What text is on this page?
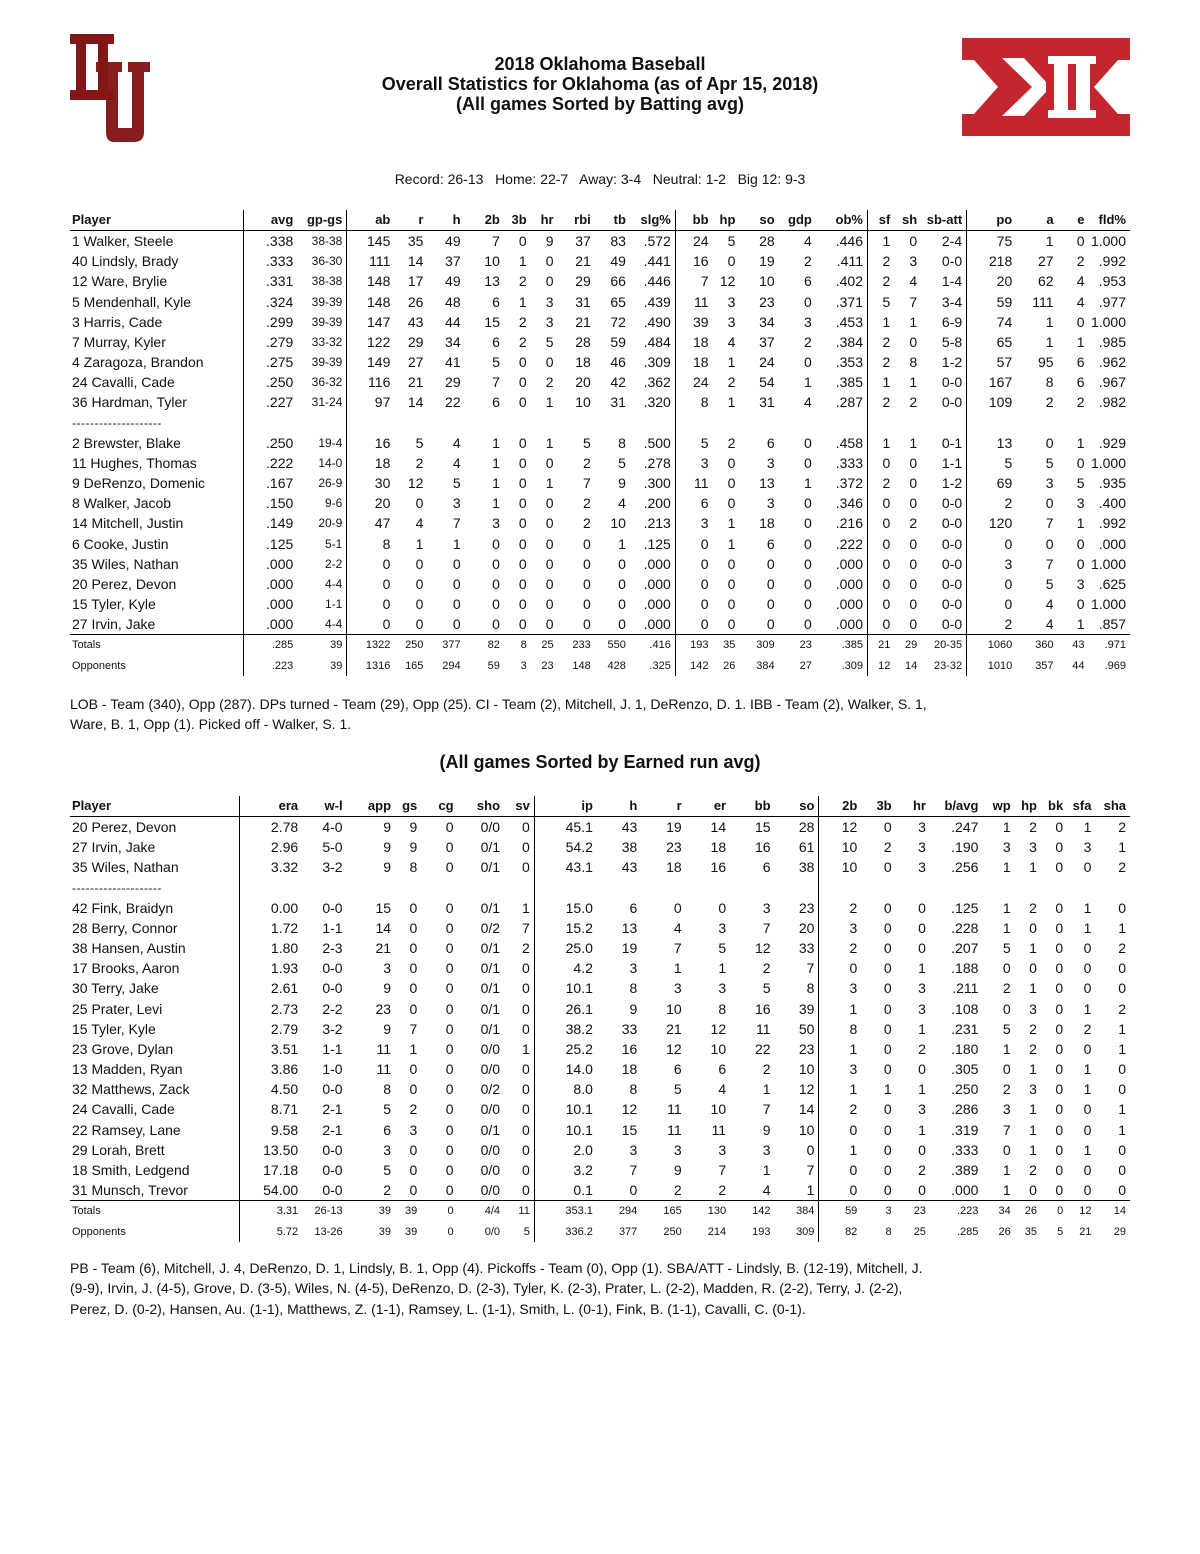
2018 Oklahoma Baseball
Overall Statistics for Oklahoma (as of Apr 15, 2018)
(All games Sorted by Batting avg)
Record: 26-13   Home: 22-7   Away: 3-4   Neutral: 1-2   Big 12: 9-3
Player	avg	gp-gs	ab	r	h	2b	3b	hr	rbi	tb	slg%	bb	hp	so	gdp	ob%	sf	sh	sb-att	po	a	e	fld%
1 Walker, Steele	.338	38-38	145	35	49	7	0	9	37	83	.572	24	5	28	4	.446	1	0	2-4	75	1	0	1.000
40 Lindsly, Brady	.333	36-30	111	14	37	10	1	0	21	49	.441	16	0	19	2	.411	2	3	0-0	218	27	2	.992
12 Ware, Brylie	.331	38-38	148	17	49	13	2	0	29	66	.446	7	12	10	6	.402	2	4	1-4	20	62	4	.953
5 Mendenhall, Kyle	.324	39-39	148	26	48	6	1	3	31	65	.439	11	3	23	0	.371	5	7	3-4	59	111	4	.977
3 Harris, Cade	.299	39-39	147	43	44	15	2	3	21	72	.490	39	3	34	3	.453	1	1	6-9	74	1	0	1.000
7 Murray, Kyler	.279	33-32	122	29	34	6	2	5	28	59	.484	18	4	37	2	.384	2	0	5-8	65	1	1	.985
4 Zaragoza, Brandon	.275	39-39	149	27	41	5	0	0	18	46	.309	18	1	24	0	.353	2	8	1-2	57	95	6	.962
24 Cavalli, Cade	.250	36-32	116	21	29	7	0	2	20	42	.362	24	2	54	1	.385	1	1	0-0	167	8	6	.967
36 Hardman, Tyler	.227	31-24	97	14	22	6	0	1	10	31	.320	8	1	31	4	.287	2	2	0-0	109	2	2	.982
--------------------																							
2 Brewster, Blake	.250	19-4	16	5	4	1	0	1	5	8	.500	5	2	6	0	.458	1	1	0-1	13	0	1	.929
11 Hughes, Thomas	.222	14-0	18	2	4	1	0	0	2	5	.278	3	0	3	0	.333	0	0	1-1	5	5	0	1.000
9 DeRenzo, Domenic	.167	26-9	30	12	5	1	0	1	7	9	.300	11	0	13	1	.372	2	0	1-2	69	3	5	.935
8 Walker, Jacob	.150	9-6	20	0	3	1	0	0	2	4	.200	6	0	3	0	.346	0	0	0-0	2	0	3	.400
14 Mitchell, Justin	.149	20-9	47	4	7	3	0	0	2	10	.213	3	1	18	0	.216	0	2	0-0	120	7	1	.992
6 Cooke, Justin	.125	5-1	8	1	1	0	0	0	0	1	.125	0	1	6	0	.222	0	0	0-0	0	0	0	.000
35 Wiles, Nathan	.000	2-2	0	0	0	0	0	0	0	0	.000	0	0	0	0	.000	0	0	0-0	3	7	0	1.000
20 Perez, Devon	.000	4-4	0	0	0	0	0	0	0	0	.000	0	0	0	0	.000	0	0	0-0	0	5	3	.625
15 Tyler, Kyle	.000	1-1	0	0	0	0	0	0	0	0	.000	0	0	0	0	.000	0	0	0-0	0	4	0	1.000
27 Irvin, Jake	.000	4-4	0	0	0	0	0	0	0	0	.000	0	0	0	0	.000	0	0	0-0	2	4	1	.857
Totals	.285	39	1322	250	377	82	8	25	233	550	.416	193	35	309	23	.385	21	29	20-35	1060	360	43	.971
Opponents	.223	39	1316	165	294	59	3	23	148	428	.325	142	26	384	27	.309	12	14	23-32	1010	357	44	.969
LOB - Team (340), Opp (287). DPs turned - Team (29), Opp (25). CI - Team (2), Mitchell, J. 1, DeRenzo, D. 1. IBB - Team (2), Walker, S. 1, Ware, B. 1, Opp (1). Picked off - Walker, S. 1.
(All games Sorted by Earned run avg)
Player	era	w-l	app	gs	cg	sho	sv	ip	h	r	er	bb	so	2b	3b	hr	b/avg	wp	hp	bk	sfa	sha
20 Perez, Devon	2.78	4-0	9	9	0	0/0	0	45.1	43	19	14	15	28	12	0	3	.247	1	2	0	1	2
27 Irvin, Jake	2.96	5-0	9	9	0	0/1	0	54.2	38	23	18	16	61	10	2	3	.190	3	3	0	3	1
35 Wiles, Nathan	3.32	3-2	9	8	0	0/1	0	43.1	43	18	16	6	38	10	0	3	.256	1	1	0	0	2
--------------------																						
42 Fink, Braidyn	0.00	0-0	15	0	0	0/1	1	15.0	6	0	0	3	23	2	0	0	.125	1	2	0	1	0
28 Berry, Connor	1.72	1-1	14	0	0	0/2	7	15.2	13	4	3	7	20	3	0	0	.228	1	0	0	1	1
38 Hansen, Austin	1.80	2-3	21	0	0	0/1	2	25.0	19	7	5	12	33	2	0	0	.207	5	1	0	0	2
17 Brooks, Aaron	1.93	0-0	3	0	0	0/1	0	4.2	3	1	1	2	7	0	0	1	.188	0	0	0	0	0
30 Terry, Jake	2.61	0-0	9	0	0	0/1	0	10.1	8	3	3	5	8	3	0	3	.211	2	1	0	0	0
25 Prater, Levi	2.73	2-2	23	0	0	0/1	0	26.1	9	10	8	16	39	1	0	3	.108	0	3	0	1	2
15 Tyler, Kyle	2.79	3-2	9	7	0	0/1	0	38.2	33	21	12	11	50	8	0	1	.231	5	2	0	2	1
23 Grove, Dylan	3.51	1-1	11	1	0	0/0	1	25.2	16	12	10	22	23	1	0	2	.180	1	2	0	0	1
13 Madden, Ryan	3.86	1-0	11	0	0	0/0	0	14.0	18	6	6	2	10	3	0	0	.305	0	1	0	1	0
32 Matthews, Zack	4.50	0-0	8	0	0	0/2	0	8.0	8	5	4	1	12	1	1	1	.250	2	3	0	1	0
24 Cavalli, Cade	8.71	2-1	5	2	0	0/0	0	10.1	12	11	10	7	14	2	0	3	.286	3	1	0	0	1
22 Ramsey, Lane	9.58	2-1	6	3	0	0/1	0	10.1	15	11	11	9	10	0	0	1	.319	7	1	0	0	1
29 Lorah, Brett	13.50	0-0	3	0	0	0/0	0	2.0	3	3	3	3	0	1	0	0	.333	0	1	0	1	0
18 Smith, Ledgend	17.18	0-0	5	0	0	0/0	0	3.2	7	9	7	1	7	0	0	2	.389	1	2	0	0	0
31 Munsch, Trevor	54.00	0-0	2	0	0	0/0	0	0.1	0	2	2	4	1	0	0	0	.000	1	0	0	0	0
Totals	3.31	26-13	39	39	0	4/4	11	353.1	294	165	130	142	384	59	3	23	.223	34	26	0	12	14
Opponents	5.72	13-26	39	39	0	0/0	5	336.2	377	250	214	193	309	82	8	25	.285	26	35	5	21	29
PB - Team (6), Mitchell, J. 4, DeRenzo, D. 1, Lindsly, B. 1, Opp (4). Pickoffs - Team (0), Opp (1). SBA/ATT - Lindsly, B. (12-19), Mitchell, J. (9-9), Irvin, J. (4-5), Grove, D. (3-5), Wiles, N. (4-5), DeRenzo, D. (2-3), Tyler, K. (2-3), Prater, L. (2-2), Madden, R. (2-2), Terry, J. (2-2), Perez, D. (0-2), Hansen, Au. (1-1), Matthews, Z. (1-1), Ramsey, L. (1-1), Smith, L. (0-1), Fink, B. (1-1), Cavalli, C. (0-1).
